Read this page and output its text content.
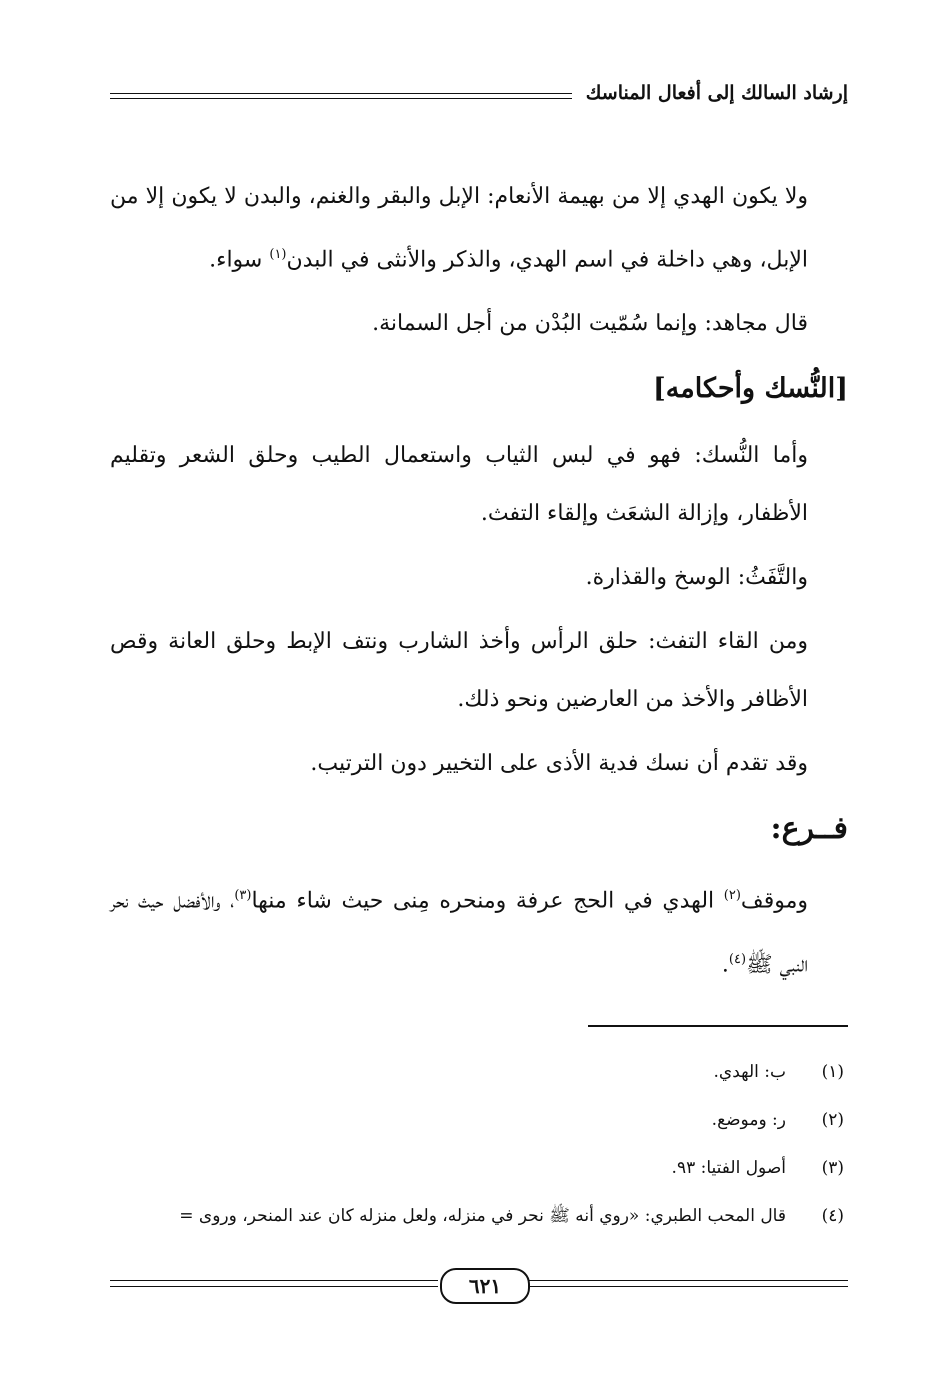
إرشاد السالك إلى أفعال المناسك

ولا يكون الهدي إلا من بهيمة الأنعام: الإبل والبقر والغنم، والبدن لا يكون إلا من الإبل، وهي داخلة في اسم الهدي، والذكر والأنثى في البدن$^{(١)}$ سواء.

قال مجاهد: وإنما سُمّيت البُدْن من أجل السمانة.

[النُّسك وأحكامه]

وأما النُّسك: فهو في لبس الثياب واستعمال الطيب وحلق الشعر وتقليم الأظفار، وإزالة الشعَث وإلقاء التفث.

والتَّفَثُ: الوسخ والقذارة.

ومن القاء التفث: حلق الرأس وأخذ الشارب ونتف الإبط وحلق العانة وقص الأظافر والأخذ من العارضين ونحو ذلك.

وقد تقدم أن نسك فدية الأذى على التخيير دون الترتيب.

فــرع:

وموقف$^{(٢)}$ الهدي في الحج عرفة ومنحره مِنى حيث شاء منها$^{(٣)}$، والأفضل حيث نحر النبي ﷺ$^{(٤)}$.

(١)ب: الهدي.
(٢)ر: وموضع.
(٣)أصول الفتيا: ٩٣.
(٤)قال المحب الطبري: «روي أنه ﷺ نحر في منزله، ولعل منزله كان عند المنحر، وروى =
٦٢١
